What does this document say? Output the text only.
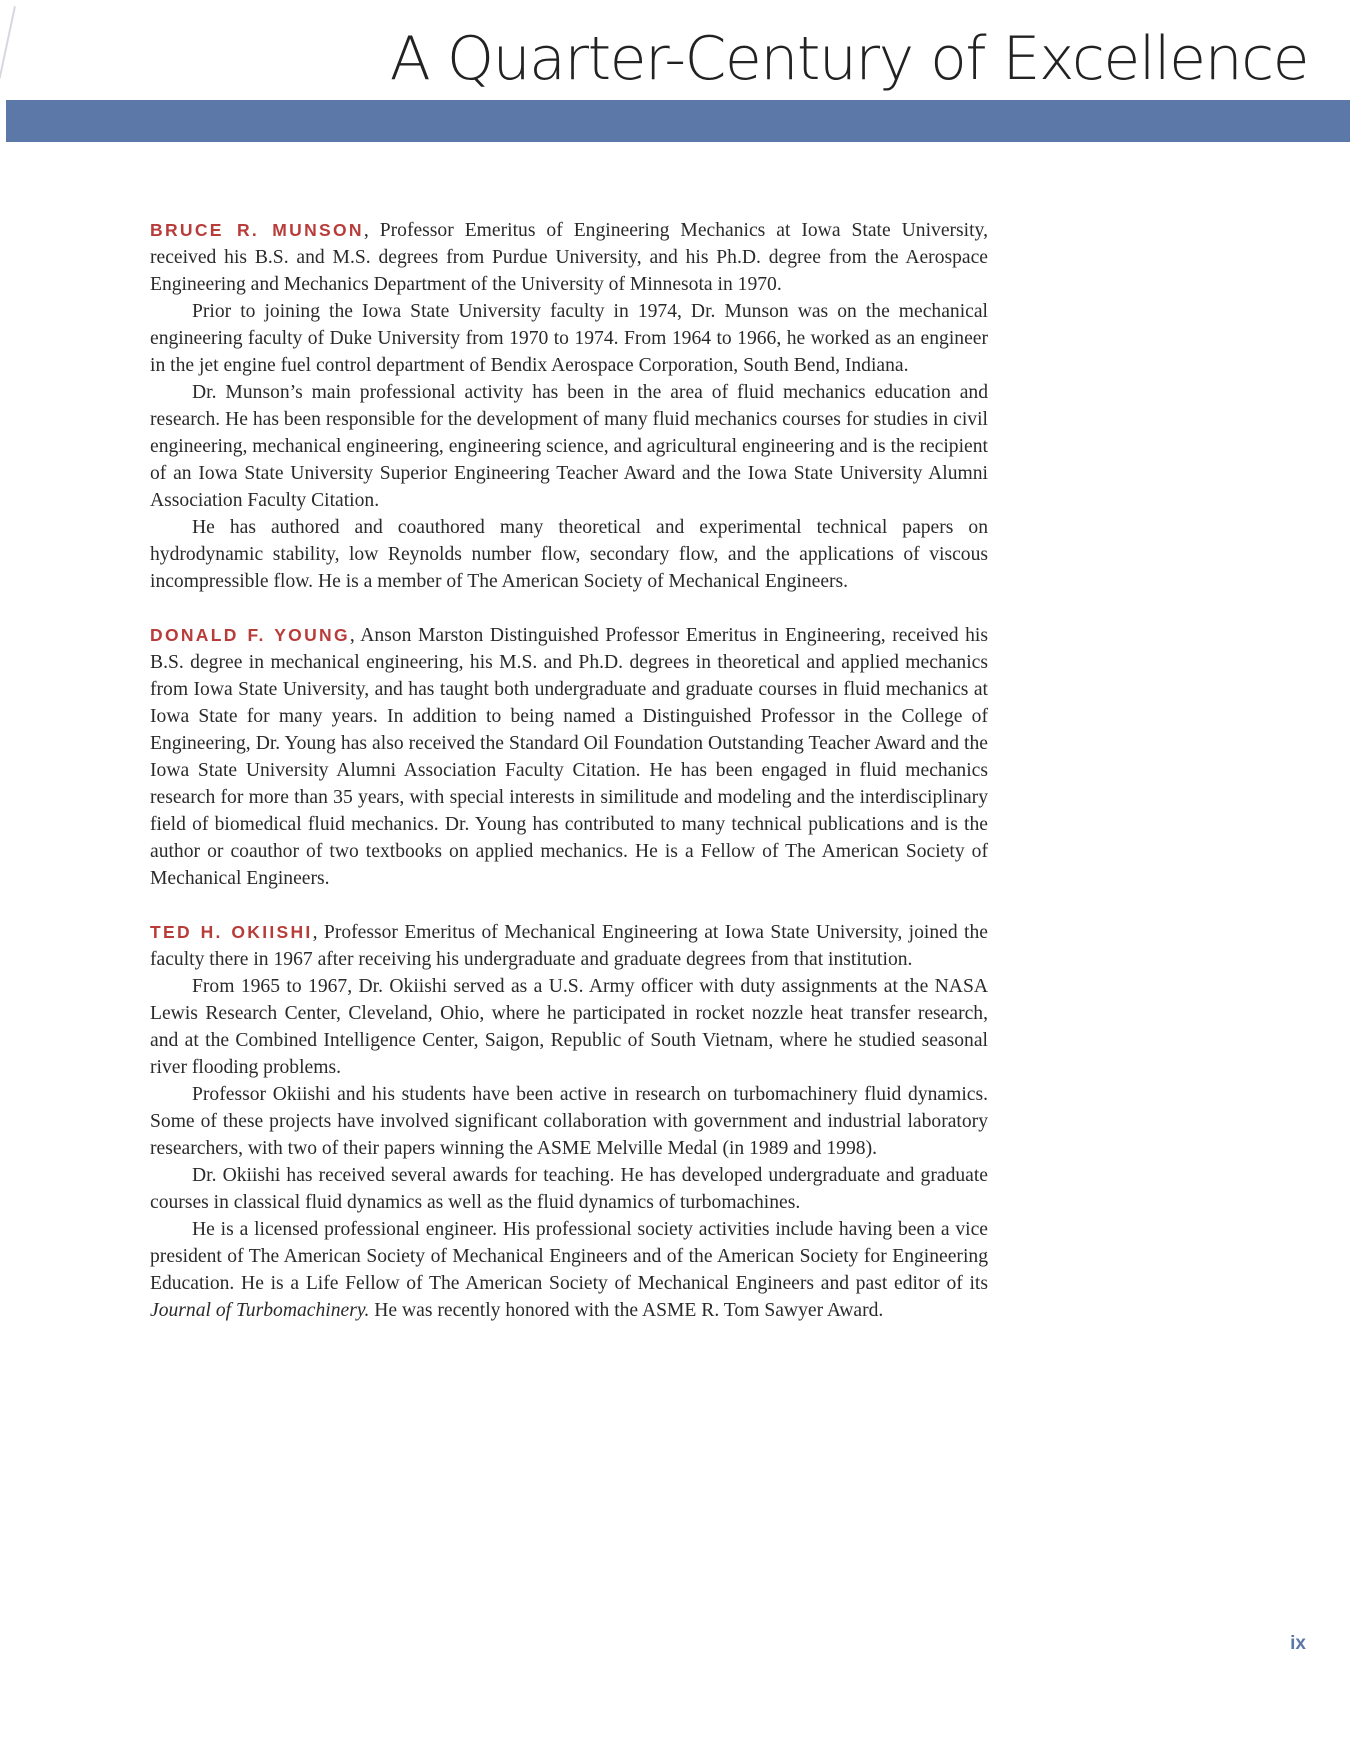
A Quarter-Century of Excellence

BRUCE R. MUNSON, Professor Emeritus of Engineering Mechanics at Iowa State University, received his B.S. and M.S. degrees from Purdue University, and his Ph.D. degree from the Aerospace Engineering and Mechanics Department of the University of Minnesota in 1970.

Prior to joining the Iowa State University faculty in 1974, Dr. Munson was on the mechanical engineering faculty of Duke University from 1970 to 1974. From 1964 to 1966, he worked as an engineer in the jet engine fuel control department of Bendix Aerospace Corporation, South Bend, Indiana.

Dr. Munson’s main professional activity has been in the area of fluid mechanics education and research. He has been responsible for the development of many fluid mechanics courses for studies in civil engineering, mechanical engineering, engineering science, and agricultural engineering and is the recipient of an Iowa State University Superior Engineering Teacher Award and the Iowa State University Alumni Association Faculty Citation.

He has authored and coauthored many theoretical and experimental technical papers on hydrodynamic stability, low Reynolds number flow, secondary flow, and the applications of viscous incompressible flow. He is a member of The American Society of Mechanical Engineers.

DONALD F. YOUNG, Anson Marston Distinguished Professor Emeritus in Engineering, received his B.S. degree in mechanical engineering, his M.S. and Ph.D. degrees in theoretical and applied mechanics from Iowa State University, and has taught both undergraduate and graduate courses in fluid mechanics at Iowa State for many years. In addition to being named a Distinguished Professor in the College of Engineering, Dr. Young has also received the Standard Oil Foundation Outstanding Teacher Award and the Iowa State University Alumni Association Faculty Citation. He has been engaged in fluid mechanics research for more than 35 years, with special interests in similitude and modeling and the interdisciplinary field of biomedical fluid mechanics. Dr. Young has contributed to many technical publications and is the author or coauthor of two textbooks on applied mechanics. He is a Fellow of The American Society of Mechanical Engineers.

TED H. OKIISHI, Professor Emeritus of Mechanical Engineering at Iowa State University, joined the faculty there in 1967 after receiving his undergraduate and graduate degrees from that institution.

From 1965 to 1967, Dr. Okiishi served as a U.S. Army officer with duty assignments at the NASA Lewis Research Center, Cleveland, Ohio, where he participated in rocket nozzle heat transfer research, and at the Combined Intelligence Center, Saigon, Republic of South Vietnam, where he studied seasonal river flooding problems.

Professor Okiishi and his students have been active in research on turbomachinery fluid dynamics. Some of these projects have involved significant collaboration with government and industrial laboratory researchers, with two of their papers winning the ASME Melville Medal (in 1989 and 1998).

Dr. Okiishi has received several awards for teaching. He has developed undergraduate and graduate courses in classical fluid dynamics as well as the fluid dynamics of turbomachines.

He is a licensed professional engineer. His professional society activities include having been a vice president of The American Society of Mechanical Engineers and of the American Society for Engineering Education. He is a Life Fellow of The American Society of Mechanical Engineers and past editor of its Journal of Turbomachinery. He was recently honored with the ASME R. Tom Sawyer Award.

ix
